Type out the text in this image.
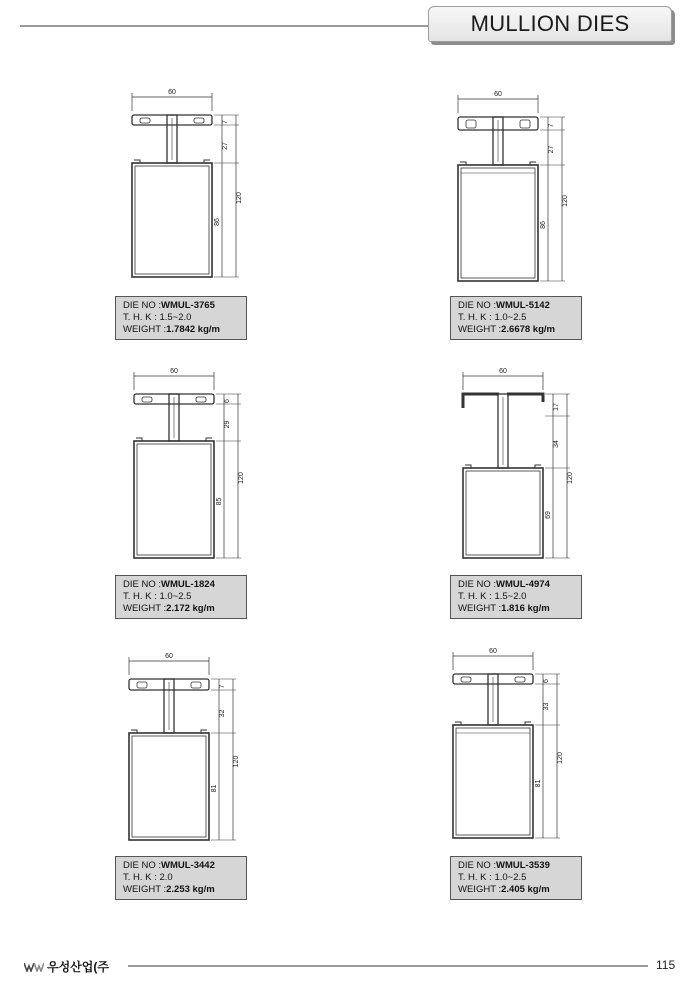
MULLION DIES
60
7
27
86
120
60
7
27
86
120
60
6
29
85
120
60
17
34
69
120
60
7
32
81
120
60
6
33
81
120
DIE NO :WMUL-3765
T. H. K : 1.5~2.0
WEIGHT :1.7842 kg/m
DIE NO :WMUL-5142
T. H. K : 1.0~2.5
WEIGHT :2.6678 kg/m
DIE NO :WMUL-1824
T. H. K : 1.0~2.5
WEIGHT :2.172 kg/m
DIE NO :WMUL-4974
T. H. K : 1.5~2.0
WEIGHT :1.816 kg/m
DIE NO :WMUL-3442
T. H. K : 2.0
WEIGHT :2.253 kg/m
DIE NO :WMUL-3539
T. H. K : 1.0~2.5
WEIGHT :2.405 kg/m
우성산업(주	115
